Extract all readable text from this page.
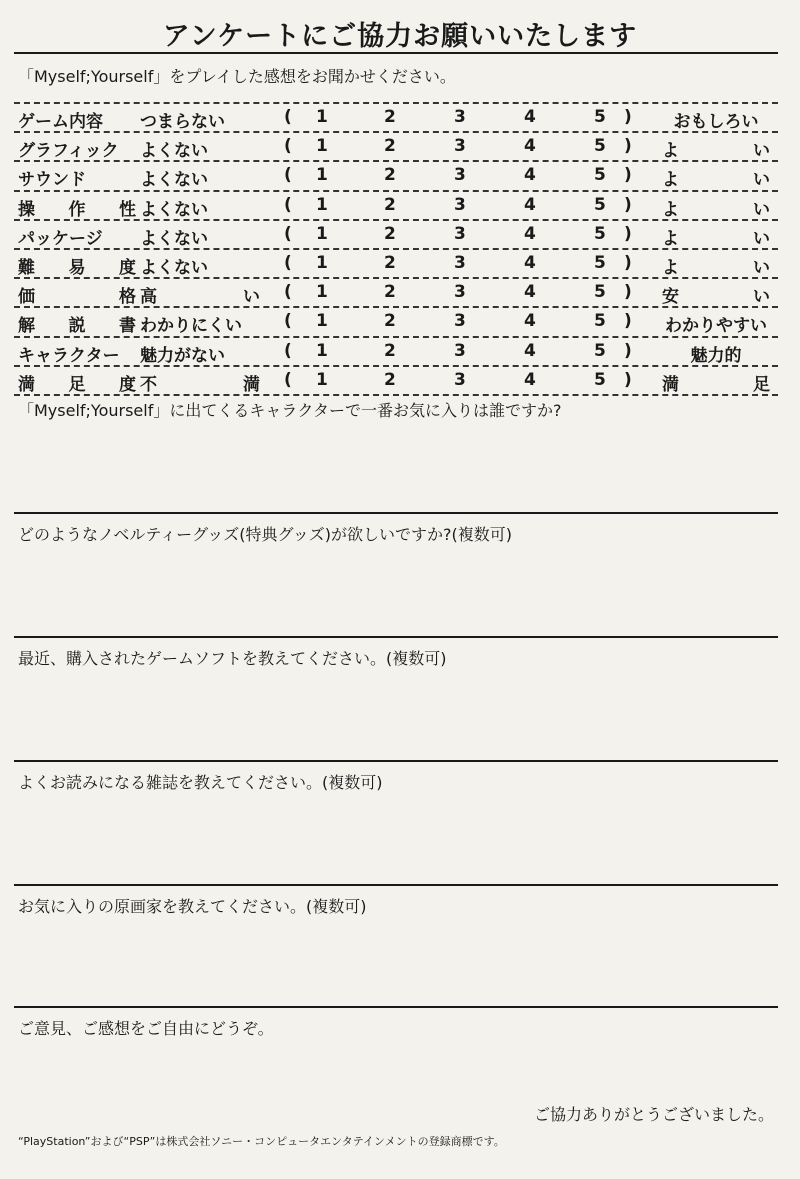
アンケートにご協力お願いいたします
「Myself;Yourself」をプレイした感想をお聞かせください。
ゲーム内容	つまらない	( 1	2	3	4	5 )	おもしろい
グラフィック	よくない	( 1	2	3	4	5 ) よ	い
サウンド	よくない	( 1	2	3	4	5 ) よ	い
操 作 性 よくない	( 1	2	3	4	5 ) よ	い
パッケージ	よくない	( 1	2	3	4	5 ) よ	い
難 易 度 よくない	( 1	2	3	4	5 ) よ	い
価	格 高	い ( 1	2	3	4	5 ) 安	い
解 説 書 わかりにくい	( 1	2	3	4	5 ) わかりやすい
キャラクター	魅力がない	( 1	2	3	4	5 )	魅力的
満 足 度 不	満 ( 1	2	3	4	5 ) 満	足
「Myself;Yourself」に出てくるキャラクターで一番お気に入りは誰ですか?
どのようなノベルティーグッズ(特典グッズ)が欲しいですか?(複数可)
最近、購入されたゲームソフトを教えてください。(複数可)
よくお読みになる雑誌を教えてください。(複数可)
お気に入りの原画家を教えてください。(複数可)
ご意見、ご感想をご自由にどうぞ。
ご協力ありがとうございました。
“PlayStation”および“PSP”は株式会社ソニー・コンピュータエンタテインメントの登録商標です。
